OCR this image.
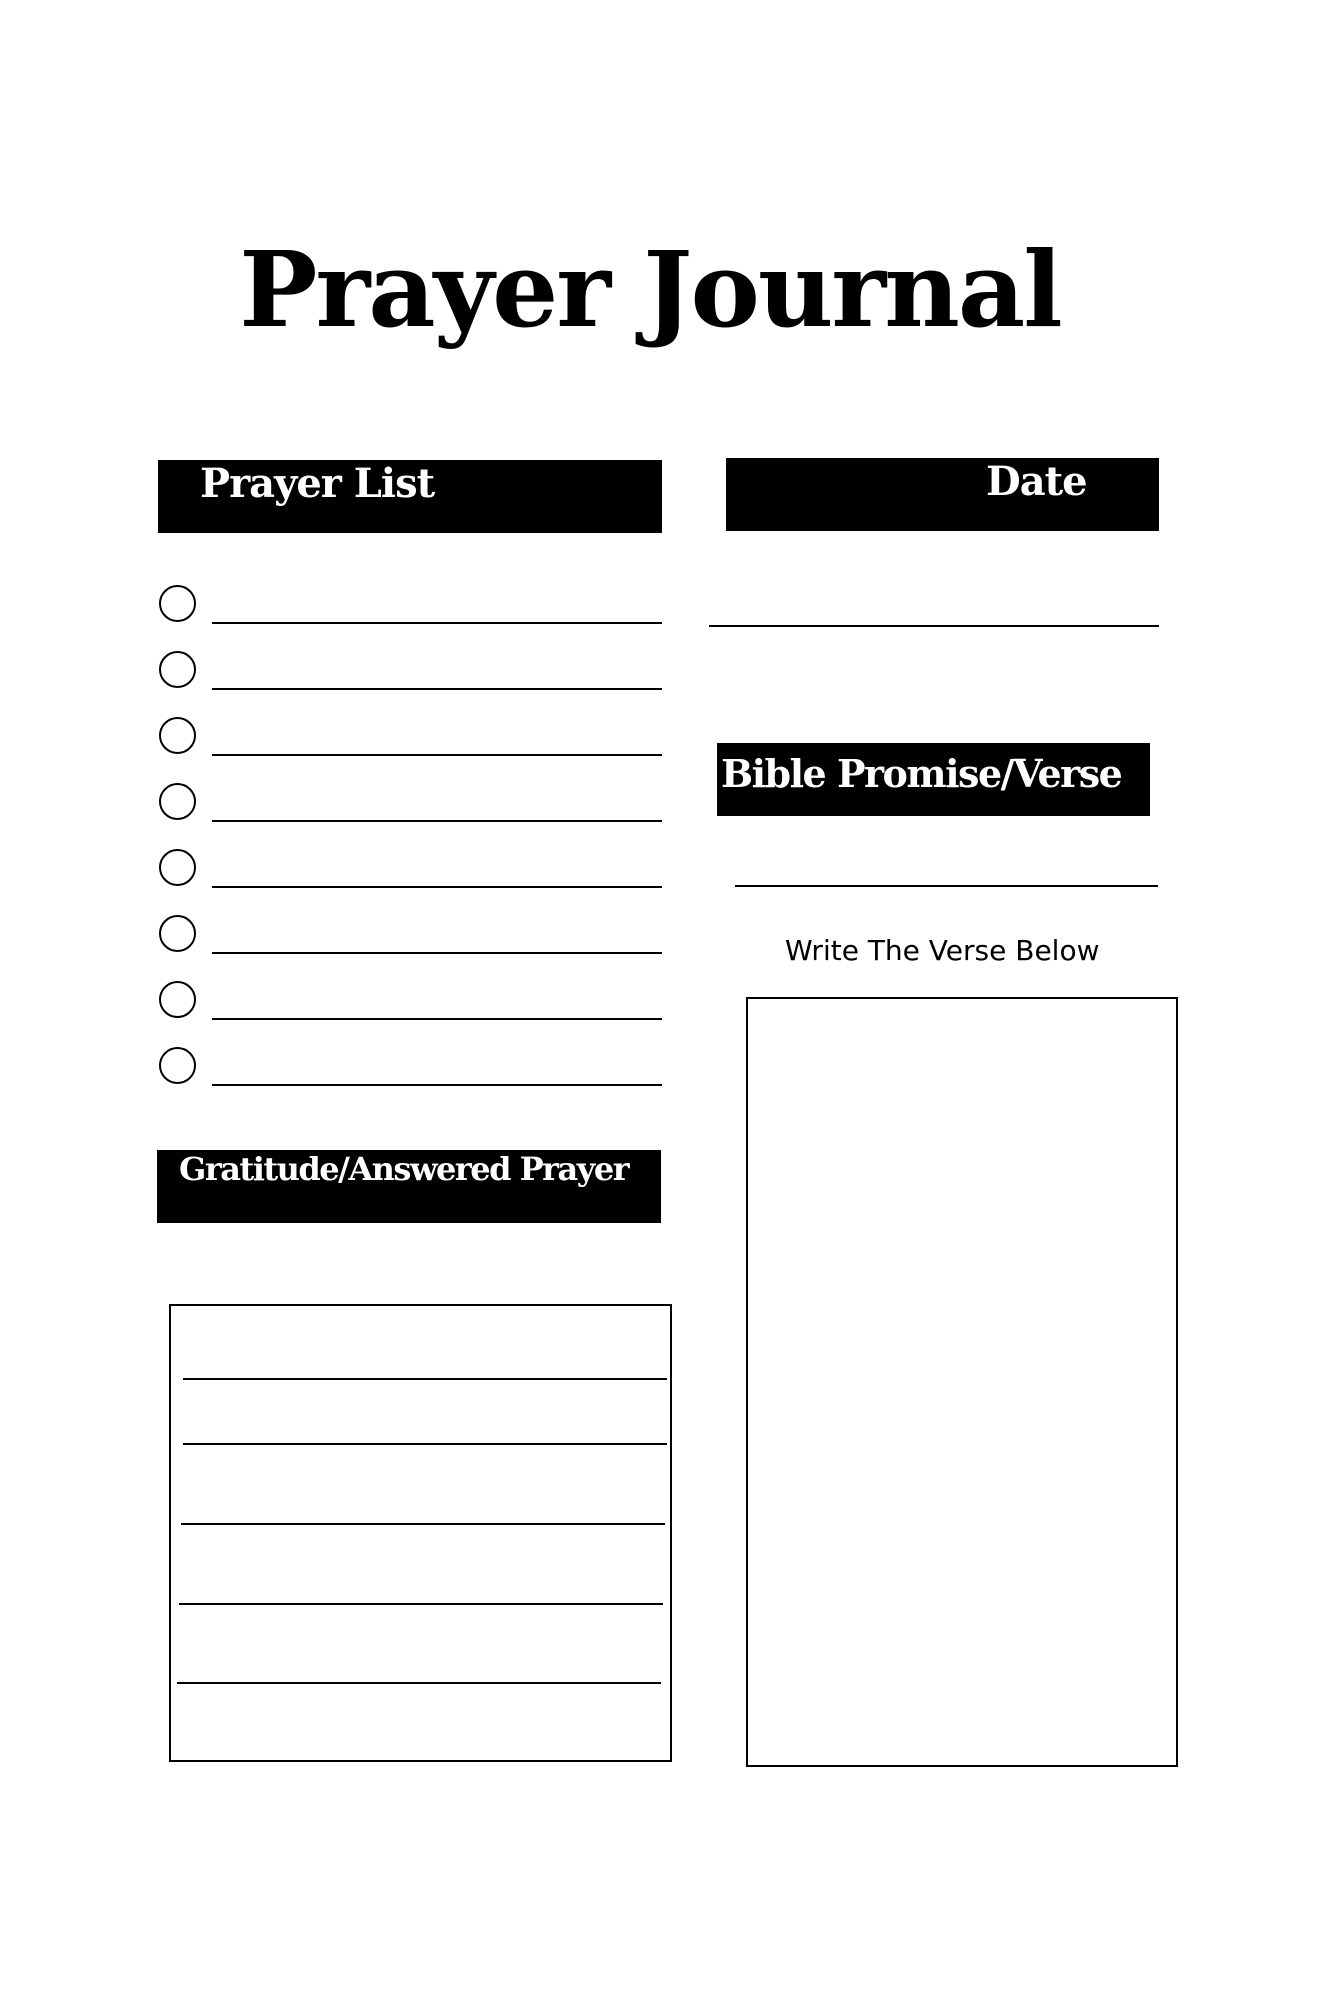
Prayer Journal
Prayer List	Date
Bible Promise/Verse
Write The Verse Below
Gratitude/Answered Prayer
